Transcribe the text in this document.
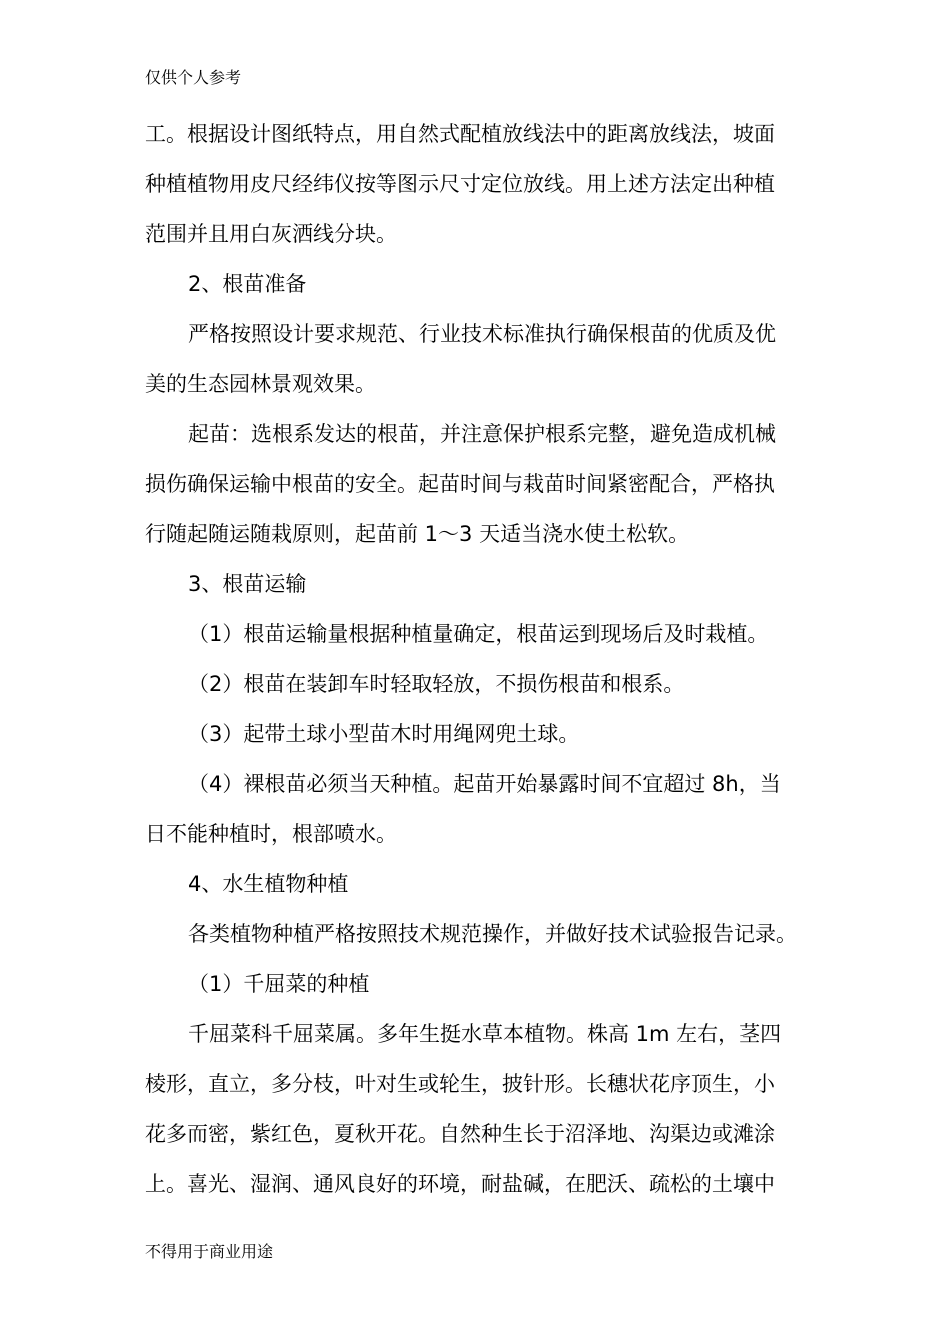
仅供个人参考

工。根据设计图纸特点，用自然式配植放线法中的距离放线法，坡面

种植植物用皮尺经纬仪按等图示尺寸定位放线。用上述方法定出种植

范围并且用白灰洒线分块。

2、根苗准备

严格按照设计要求规范、行业技术标准执行确保根苗的优质及优

美的生态园林景观效果。

起苗：选根系发达的根苗，并注意保护根系完整，避免造成机械

损伤确保运输中根苗的安全。起苗时间与栽苗时间紧密配合，严格执

行随起随运随栽原则，起苗前 1～3 天适当浇水使土松软。

3、根苗运输

（1）根苗运输量根据种植量确定，根苗运到现场后及时栽植。

（2）根苗在装卸车时轻取轻放，不损伤根苗和根系。

（3）起带土球小型苗木时用绳网兜土球。

（4）裸根苗必须当天种植。起苗开始暴露时间不宜超过 8h，当

日不能种植时，根部喷水。

4、水生植物种植

各类植物种植严格按照技术规范操作，并做好技术试验报告记录。

（1）千屈菜的种植

千屈菜科千屈菜属。多年生挺水草本植物。株高 1m 左右，茎四

棱形，直立，多分枝，叶对生或轮生，披针形。长穗状花序顶生，小

花多而密，紫红色，夏秋开花。自然种生长于沼泽地、沟渠边或滩涂

上。喜光、湿润、通风良好的环境，耐盐碱，在肥沃、疏松的土壤中

不得用于商业用途
